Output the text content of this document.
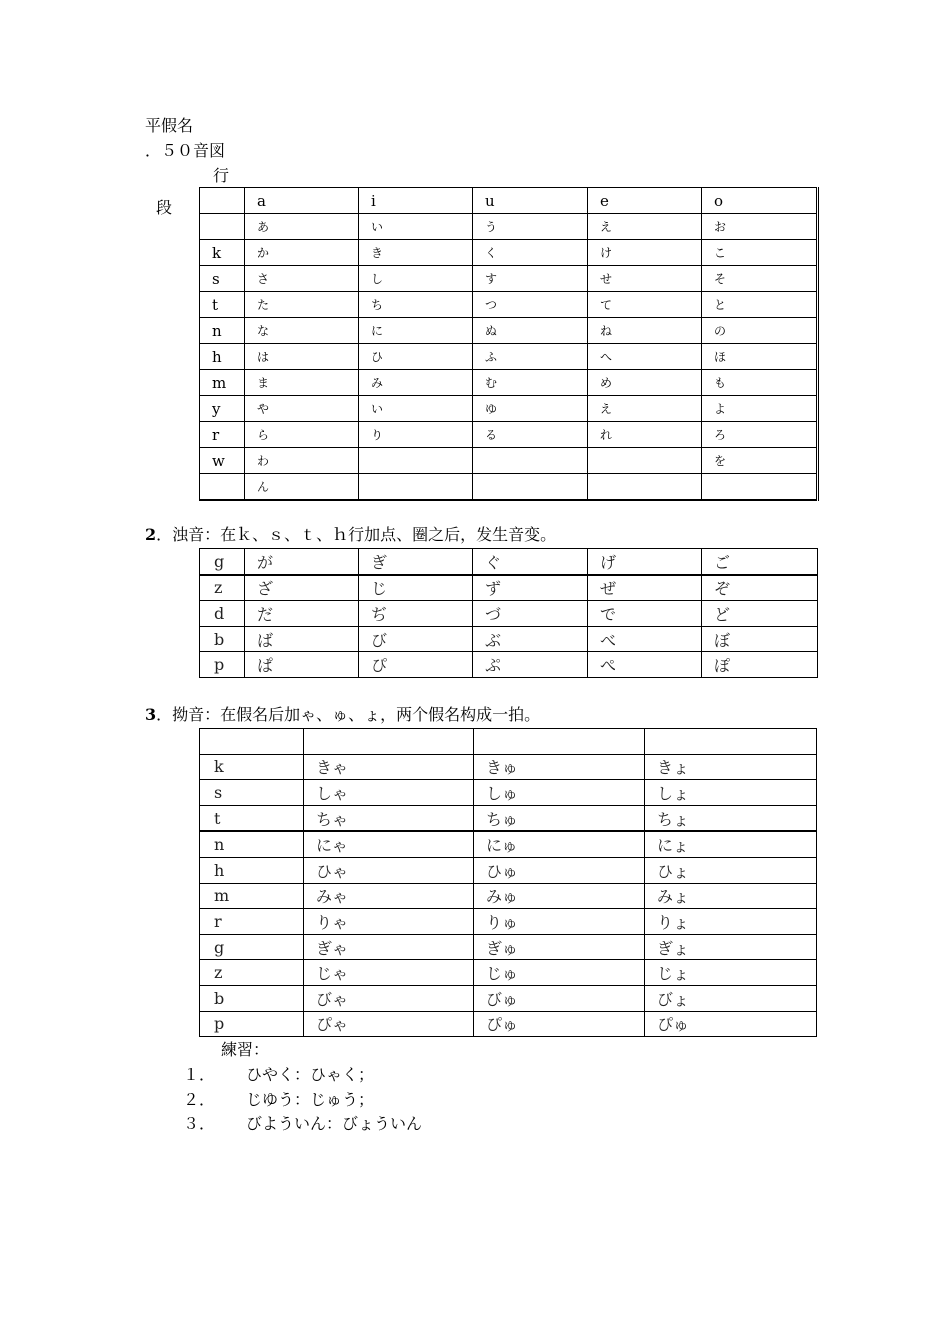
平假名
．５０音図
行
段
		a	i	u	e	o
	あ	い	う	え	お
k	か	き	く	け	こ
s	さ	し	す	せ	そ
t	た	ち	つ	て	と
n	な	に	ぬ	ね	の
h	は	ひ	ふ	へ	ほ
m	ま	み	む	め	も
y	や	い	ゆ	え	よ
r	ら	り	る	れ	ろ
w	わ				を
	ん				
2．浊音：在ｋ、ｓ、ｔ、ｈ行加点、圈之后，发生音变。
g	が	ぎ	ぐ	げ	ご
z	ざ	じ	ず	ぜ	ぞ
d	だ	ぢ	づ	で	ど
b	ば	び	ぶ	べ	ぼ
p	ぱ	ぴ	ぷ	ぺ	ぽ
3．拗音：在假名后加ゃ、ゅ、ょ，两个假名构成一拍。

k	きゃ	きゅ	きょ
s	しゃ	しゅ	しょ
t	ちゃ	ちゅ	ちょ
n	にゃ	にゅ	にょ
h	ひゃ	ひゅ	ひょ
m	みゃ	みゅ	みょ
r	りゃ	りゅ	りょ
g	ぎゃ	ぎゅ	ぎょ
z	じゃ	じゅ	じょ
b	びゃ	びゅ	びょ
p	ぴゃ	ぴゅ	ぴゅ
練習：
１． ひやく：ひゃく；
２． じゆう：じゅう；
３． びよういん：びょういん
